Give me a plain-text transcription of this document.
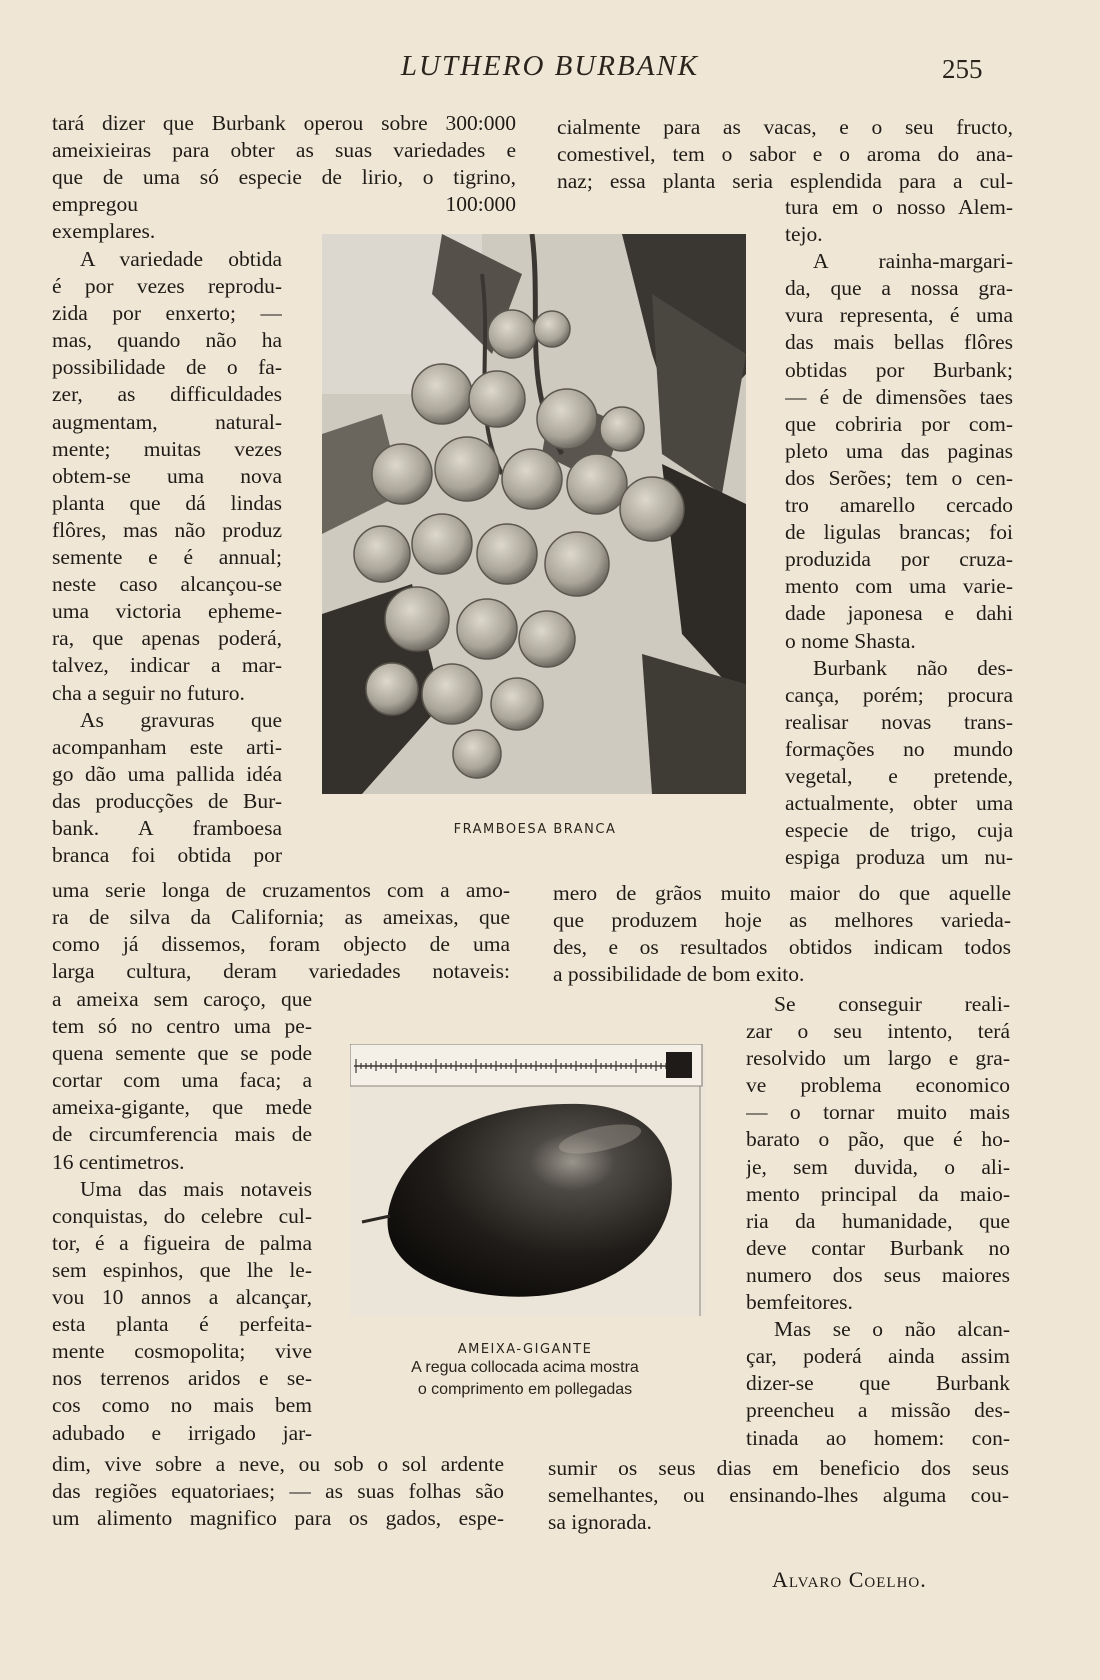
LUTHERO BURBANK	255
tará dizer que Burbank operou sobre 300:000
ameixieiras para obter as suas variedades e
que de uma só especie de lirio, o tigrino,
empregou 100:000
exemplares.
A variedade obtida
é por vezes reprodu-
zida por enxerto; —
mas, quando não ha
possibilidade de o fa-
zer, as difficuldades
augmentam, natural-
mente; muitas vezes
obtem-se uma nova
planta que dá lindas
flôres, mas não produz
semente e é annual;
neste caso alcançou-se
uma victoria epheme-
ra, que apenas poderá,
talvez, indicar a mar-
cha a seguir no futuro.
As gravuras que
acompanham este arti-
go dão uma pallida idéa
das producções de Bur-
bank. A framboesa
branca foi obtida por
uma serie longa de cruzamentos com a amo-
ra de silva da California; as ameixas, que
como já dissemos, foram objecto de uma
larga cultura, deram variedades notaveis:
a ameixa sem caroço, que
tem só no centro uma pe-
quena semente que se pode
cortar com uma faca; a
ameixa-gigante, que mede
de circumferencia mais de
16 centimetros.
Uma das mais notaveis
conquistas, do celebre cul-
tor, é a figueira de palma
sem espinhos, que lhe le-
vou 10 annos a alcançar,
esta planta é perfeita-
mente cosmopolita; vive
nos terrenos aridos e se-
cos como no mais bem
adubado e irrigado jar-
dim, vive sobre a neve, ou sob o sol ardente
das regiões equatoriaes; — as suas folhas são
um alimento magnifico para os gados, espe-
cialmente para as vacas, e o seu fructo,
comestivel, tem o sabor e o aroma do ana-
naz; essa planta seria esplendida para a cul-
tura em o nosso Alem-
tejo.
A rainha-margari-
da, que a nossa gra-
vura representa, é uma
das mais bellas flôres
obtidas por Burbank;
— é de dimensões taes
que cobriria por com-
pleto uma das paginas
dos Serões; tem o cen-
tro amarello cercado
de ligulas brancas; foi
produzida por cruza-
mento com uma varie-
dade japonesa e dahi
o nome Shasta.
Burbank não des-
cança, porém; procura
realisar novas trans-
formações no mundo
vegetal, e pretende,
actualmente, obter uma
especie de trigo, cuja
espiga produza um nu-
mero de grãos muito maior do que aquelle
que produzem hoje as melhores varieda-
des, e os resultados obtidos indicam todos
a possibilidade de bom exito.
Se conseguir reali-
zar o seu intento, terá
resolvido um largo e gra-
ve problema economico
— o tornar muito mais
barato o pão, que é ho-
je, sem duvida, o ali-
mento principal da maio-
ria da humanidade, que
deve contar Burbank no
numero dos seus maiores
bemfeitores.
Mas se o não alcan-
çar, poderá ainda assim
dizer-se que Burbank
preencheu a missão des-
tinada ao homem: con-
sumir os seus dias em beneficio dos seus
semelhantes, ou ensinando-lhes alguma cou-
sa ignorada.
FRAMBOESA BRANCA
AMEIXA-GIGANTE
A regua collocada acima mostra
o comprimento em pollegadas
Alvaro Coelho.
